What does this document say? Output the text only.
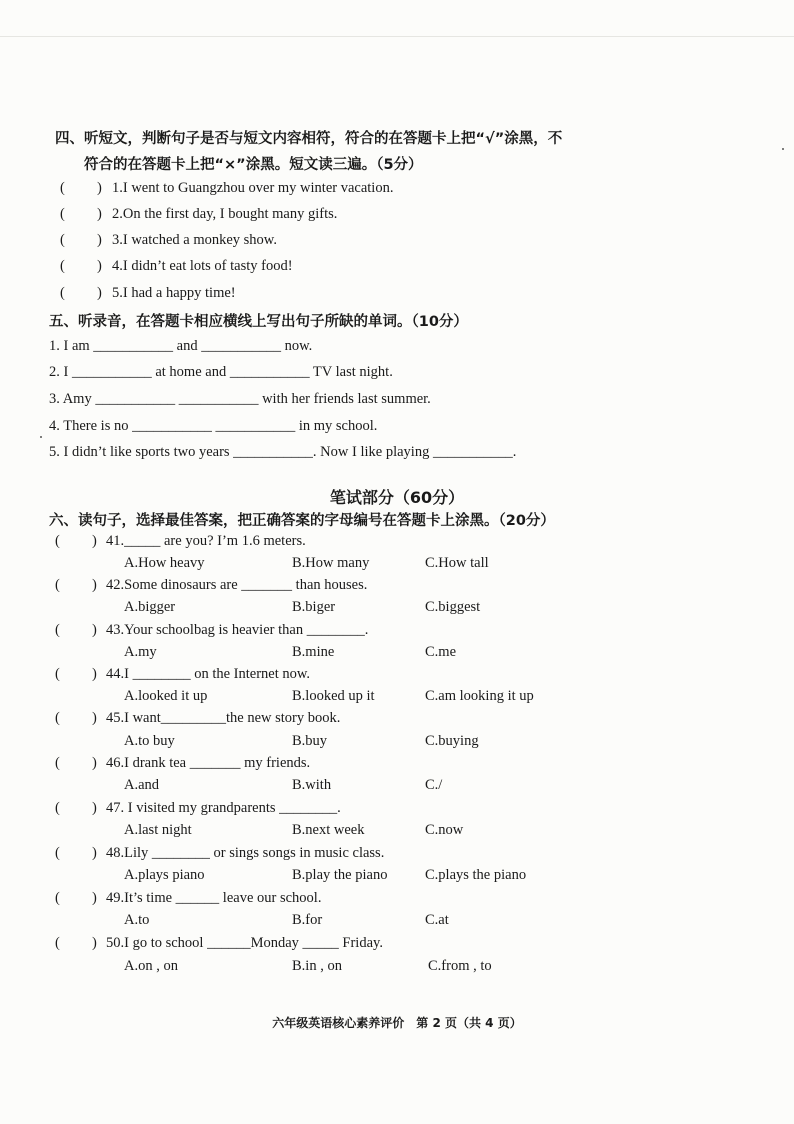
四、听短文，判断句子是否与短文内容相符，符合的在答题卡上把“√”涂黑，不
符合的在答题卡上把“×”涂黑。短文读三遍。（5分）
( ) 1.I went to Guangzhou over my winter vacation.
( ) 2.On the first day, I bought many gifts.
( ) 3.I watched a monkey show.
( ) 4.I didn’t eat lots of tasty food!
( ) 5.I had a happy time!
五、听录音，在答题卡相应横线上写出句子所缺的单词。（10分）
1. I am ___________ and ___________ now.
2. I ___________ at home and ___________ TV last night.
3. Amy ___________ ___________ with her friends last summer.
4. There is no ___________ ___________ in my school.
5. I didn’t like sports two years ___________. Now I like playing ___________.
笔试部分（60分）
六、读句子，选择最佳答案，把正确答案的字母编号在答题卡上涂黑。（20分）
( ) 41._____ are you? I’m 1.6 meters.
A.How heavy	B.How many	C.How tall
( ) 42.Some dinosaurs are _______ than houses.
A.bigger	B.biger	C.biggest
( ) 43.Your schoolbag is heavier than ________.
A.my	B.mine	C.me
( ) 44.I ________ on the Internet now.
A.looked it up	B.looked up it	C.am looking it up
( ) 45.I want_________the new story book.
A.to buy	B.buy	C.buying
( ) 46.I drank tea _______ my friends.
A.and	B.with	C./
( ) 47. I visited my grandparents ________.
A.last night	B.next week	C.now
( ) 48.Lily ________ or sings songs in music class.
A.plays piano	B.play the piano	C.plays the piano
( ) 49.It’s time ______ leave our school.
A.to	B.for	C.at
( ) 50.I go to school ______Monday _____ Friday.
A.on , on	B.in , on	C.from , to
六年级英语核心素养评价　第 2 页（共 4 页）
